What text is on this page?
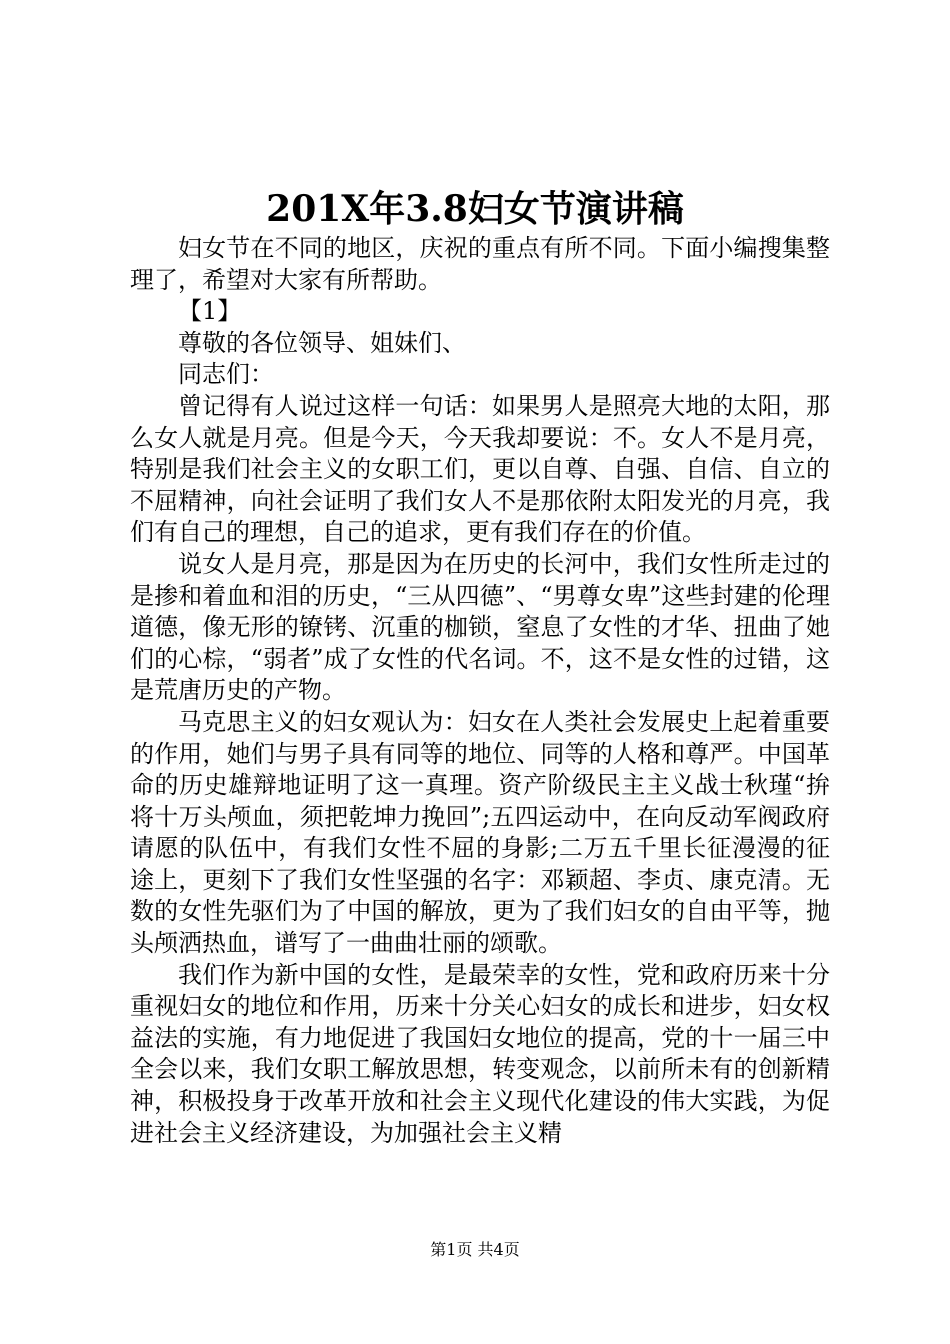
201X年3.8妇女节演讲稿

妇女节在不同的地区，庆祝的重点有所不同。下面小编搜集整理了，希望对大家有所帮助。

【1】

尊敬的各位领导、姐妹们、

同志们：

曾记得有人说过这样一句话：如果男人是照亮大地的太阳，那么女人就是月亮。但是今天，今天我却要说：不。女人不是月亮，特别是我们社会主义的女职工们，更以自尊、自强、自信、自立的不屈精神，向社会证明了我们女人不是那依附太阳发光的月亮，我们有自己的理想，自己的追求，更有我们存在的价值。

说女人是月亮，那是因为在历史的长河中，我们女性所走过的是掺和着血和泪的历史，“三从四德”、“男尊女卑”这些封建的伦理道德，像无形的镣铐、沉重的枷锁，窒息了女性的才华、扭曲了她们的心棕，“弱者”成了女性的代名词。不，这不是女性的过错，这是荒唐历史的产物。

马克思主义的妇女观认为：妇女在人类社会发展史上起着重要的作用，她们与男子具有同等的地位、同等的人格和尊严。中国革命的历史雄辩地证明了这一真理。资产阶级民主主义战士秋瑾“拚将十万头颅血，须把乾坤力挽回”;五四运动中，在向反动军阀政府请愿的队伍中，有我们女性不屈的身影;二万五千里长征漫漫的征途上，更刻下了我们女性坚强的名字：邓颖超、李贞、康克清。无数的女性先驱们为了中国的解放，更为了我们妇女的自由平等，抛头颅洒热血，谱写了一曲曲壮丽的颂歌。

我们作为新中国的女性，是最荣幸的女性，党和政府历来十分重视妇女的地位和作用，历来十分关心妇女的成长和进步，妇女权益法的实施，有力地促进了我国妇女地位的提高，党的十一届三中全会以来，我们女职工解放思想，转变观念，以前所未有的创新精神，积极投身于改革开放和社会主义现代化建设的伟大实践，为促进社会主义经济建设，为加强社会主义精

第1页 共4页
